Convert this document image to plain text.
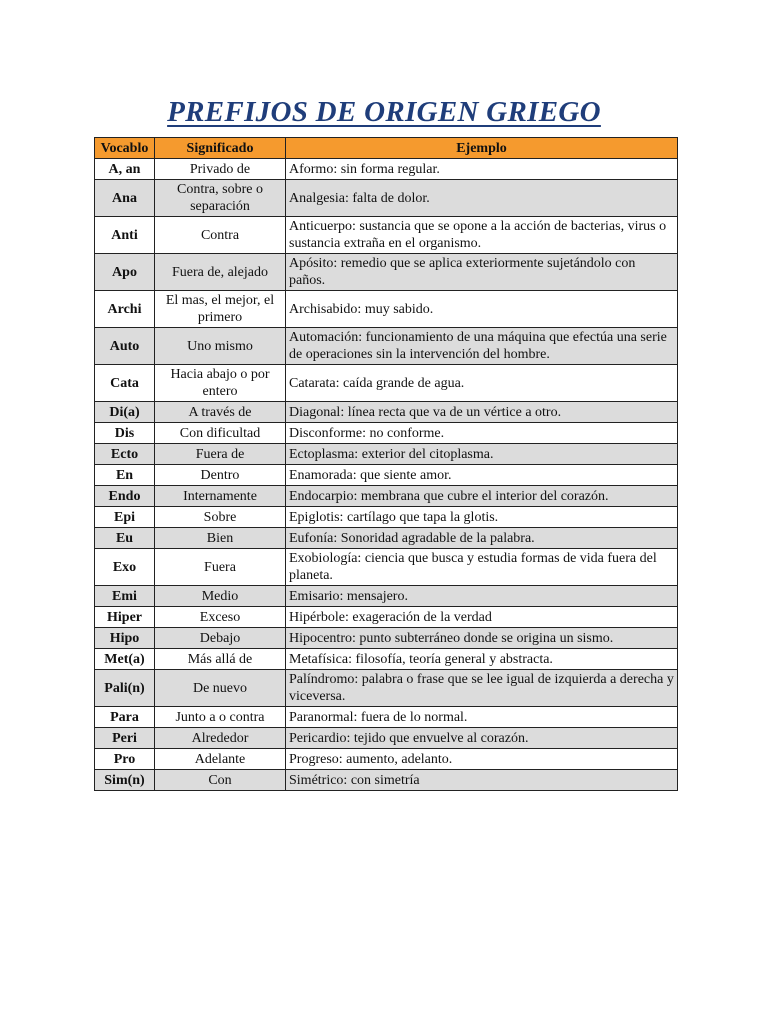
PREFIJOS DE ORIGEN GRIEGO
Vocablo	Significado	Ejemplo
A, an	Privado de	Aformo: sin forma regular.
Ana	Contra, sobre o separación	Analgesia: falta de dolor.
Anti	Contra	Anticuerpo: sustancia que se opone a la acción de bacterias, virus o sustancia extraña en el organismo.
Apo	Fuera de, alejado	Apósito: remedio que se aplica exteriormente sujetándolo con paños.
Archi	El mas, el mejor, el primero	Archisabido: muy sabido.
Auto	Uno mismo	Automación: funcionamiento de una máquina que efectúa una serie de operaciones sin la intervención del hombre.
Cata	Hacia abajo o por entero	Catarata: caída grande de agua.
Di(a)	A través de	Diagonal: línea recta que va de un vértice a otro.
Dis	Con dificultad	Disconforme: no conforme.
Ecto	Fuera de	Ectoplasma: exterior del citoplasma.
En	Dentro	Enamorada: que siente amor.
Endo	Internamente	Endocarpio: membrana que cubre el interior del corazón.
Epi	Sobre	Epiglotis: cartílago que tapa la glotis.
Eu	Bien	Eufonía: Sonoridad agradable de la palabra.
Exo	Fuera	Exobiología: ciencia que busca y estudia formas de vida fuera del planeta.
Emi	Medio	Emisario: mensajero.
Hiper	Exceso	Hipérbole: exageración de la verdad
Hipo	Debajo	Hipocentro: punto subterráneo donde se origina un sismo.
Met(a)	Más allá de	Metafísica: filosofía, teoría general y abstracta.
Pali(n)	De nuevo	Palíndromo: palabra o frase que se lee igual de izquierda a derecha y viceversa.
Para	Junto a o contra	Paranormal: fuera de lo normal.
Peri	Alrededor	Pericardio: tejido que envuelve al corazón.
Pro	Adelante	Progreso: aumento, adelanto.
Sim(n)	Con	Simétrico: con simetría
